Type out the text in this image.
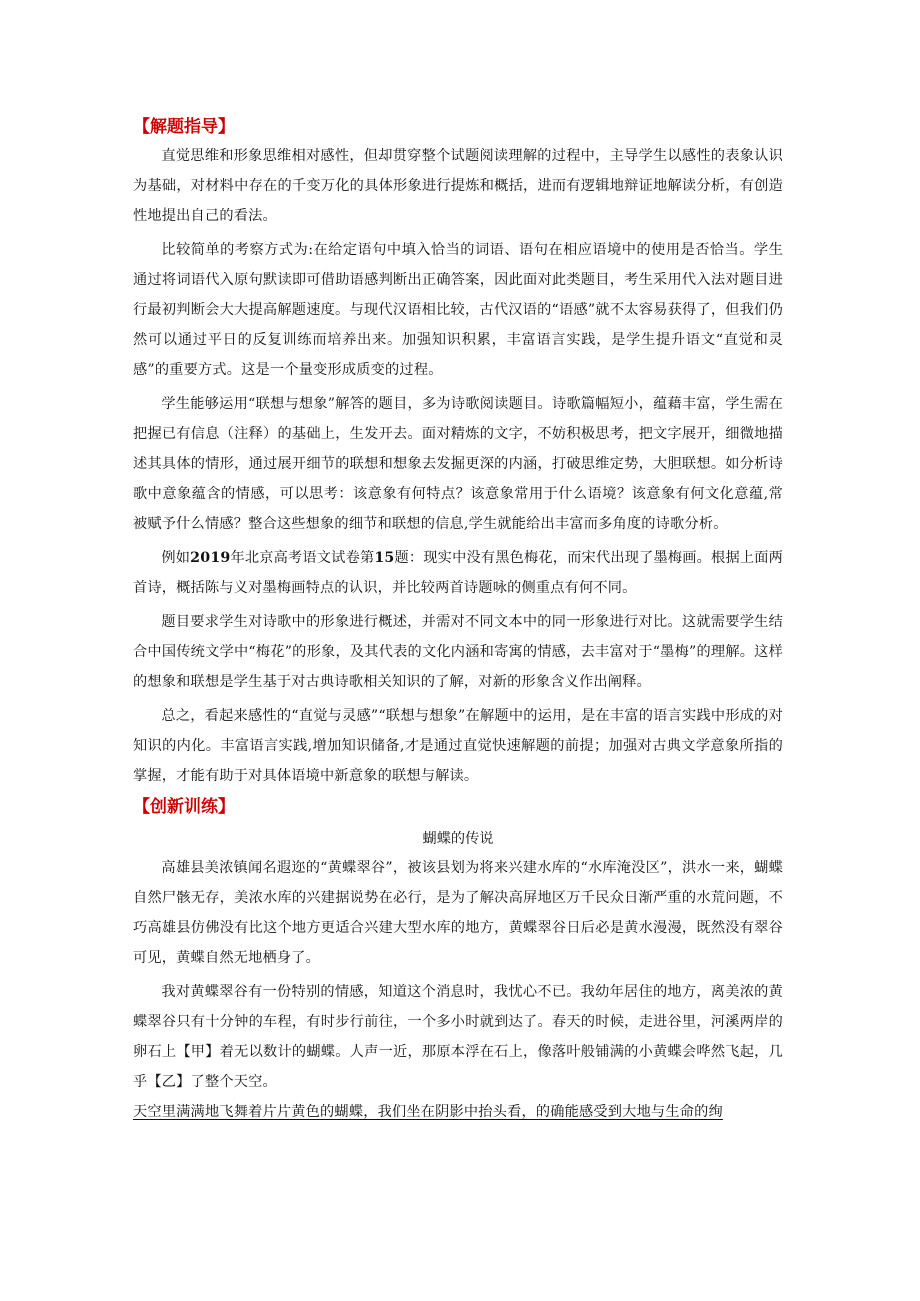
【解题指导】

直觉思维和形象思维相对感性，但却贯穿整个试题阅读理解的过程中，主导学生以感性的表象认识为基础，对材料中存在的千变万化的具体形象进行提炼和概括，进而有逻辑地辩证地解读分析，有创造性地提出自己的看法。

比较简单的考察方式为:在给定语句中填入恰当的词语、语句在相应语境中的使用是否恰当。学生通过将词语代入原句默读即可借助语感判断出正确答案，因此面对此类题目，考生采用代入法对题目进行最初判断会大大提高解题速度。与现代汉语相比较，古代汉语的“语感”就不太容易获得了，但我们仍然可以通过平日的反复训练而培养出来。加强知识积累，丰富语言实践，是学生提升语文“直觉和灵感”的重要方式。这是一个量变形成质变的过程。

学生能够运用“联想与想象”解答的题目，多为诗歌阅读题目。诗歌篇幅短小，蕴藉丰富，学生需在把握已有信息（注释）的基础上，生发开去。面对精炼的文字，不妨积极思考，把文字展开，细微地描述其具体的情形，通过展开细节的联想和想象去发掘更深的内涵，打破思维定势，大胆联想。如分析诗歌中意象蕴含的情感，可以思考：该意象有何特点？该意象常用于什么语境？该意象有何文化意蕴,常被赋予什么情感？整合这些想象的细节和联想的信息,学生就能给出丰富而多角度的诗歌分析。

例如2019年北京高考语文试卷第15题：现实中没有黑色梅花，而宋代出现了墨梅画。根据上面两首诗，概括陈与义对墨梅画特点的认识，并比较两首诗题咏的侧重点有何不同。

题目要求学生对诗歌中的形象进行概述，并需对不同文本中的同一形象进行对比。这就需要学生结合中国传统文学中“梅花”的形象，及其代表的文化内涵和寄寓的情感，去丰富对于“墨梅”的理解。这样的想象和联想是学生基于对古典诗歌相关知识的了解，对新的形象含义作出阐释。

总之，看起来感性的“直觉与灵感”“联想与想象”在解题中的运用，是在丰富的语言实践中形成的对知识的内化。丰富语言实践,增加知识储备,才是通过直觉快速解题的前提；加强对古典文学意象所指的掌握，才能有助于对具体语境中新意象的联想与解读。

【创新训练】

蝴蝶的传说

高雄县美浓镇闻名遐迩的“黄蝶翠谷”，被该县划为将来兴建水库的“水库淹没区”，洪水一来，蝴蝶自然尸骸无存，美浓水库的兴建据说势在必行，是为了解决高屏地区万千民众日渐严重的水荒问题，不巧高雄县仿佛没有比这个地方更适合兴建大型水库的地方，黄蝶翠谷日后必是黄水漫漫，既然没有翠谷可见，黄蝶自然无地栖身了。

我对黄蝶翠谷有一份特别的情感，知道这个消息时，我忧心不已。我幼年居住的地方，离美浓的黄蝶翠谷只有十分钟的车程，有时步行前往，一个多小时就到达了。春天的时候，走进谷里，河溪两岸的卵石上【甲】着无以数计的蝴蝶。人声一近，那原本浮在石上，像落叶般铺满的小黄蝶会哗然飞起，几乎【乙】了整个天空。

天空里满满地飞舞着片片黄色的蝴蝶，我们坐在阴影中抬头看，的确能感受到大地与生命的绚
